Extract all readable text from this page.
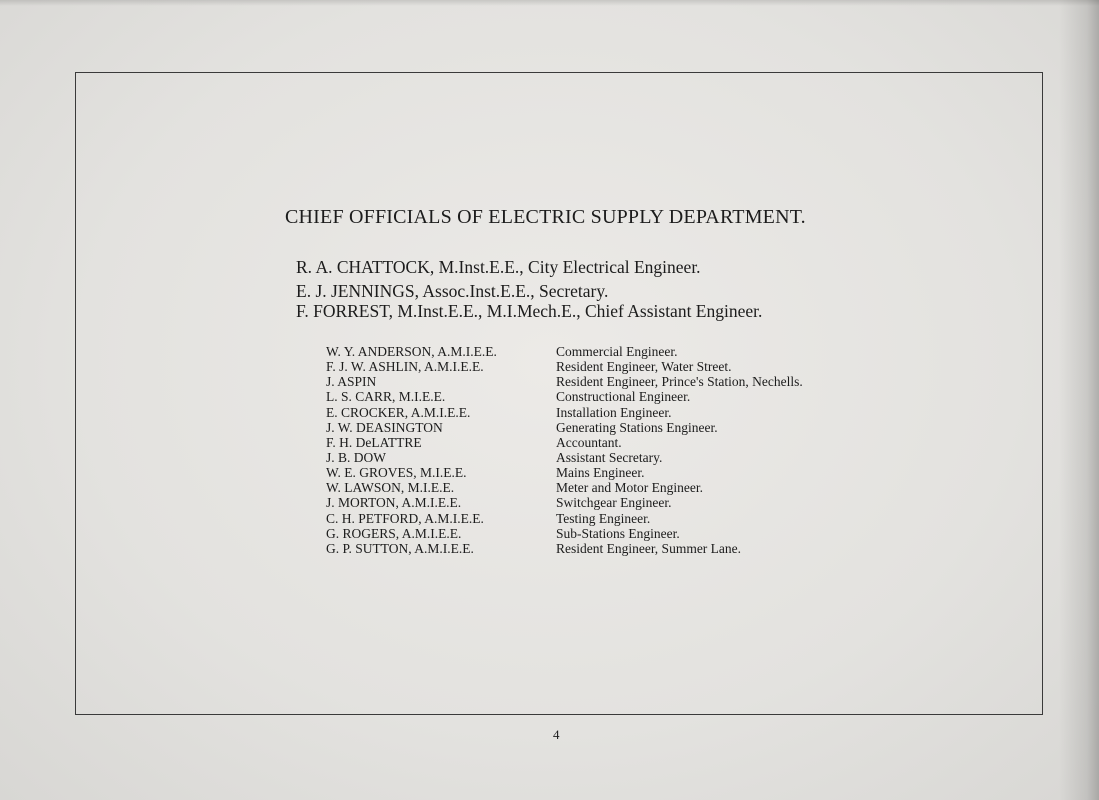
CHIEF OFFICIALS OF ELECTRIC SUPPLY DEPARTMENT.
R. A. CHATTOCK, M.Inst.E.E., City Electrical Engineer.
E. J. JENNINGS, Assoc.Inst.E.E., Secretary.
F. FORREST, M.Inst.E.E., M.I.Mech.E., Chief Assistant Engineer.
W. Y. ANDERSON, A.M.I.E.E.	Commercial Engineer.
F. J. W. ASHLIN, A.M.I.E.E.	Resident Engineer, Water Street.
J. ASPIN	Resident Engineer, Prince's Station, Nechells.
L. S. CARR, M.I.E.E.	Constructional Engineer.
E. CROCKER, A.M.I.E.E.	Installation Engineer.
J. W. DEASINGTON	Generating Stations Engineer.
F. H. DeLATTRE	Accountant.
J. B. DOW	Assistant Secretary.
W. E. GROVES, M.I.E.E.	Mains Engineer.
W. LAWSON, M.I.E.E.	Meter and Motor Engineer.
J. MORTON, A.M.I.E.E.	Switchgear Engineer.
C. H. PETFORD, A.M.I.E.E.	Testing Engineer.
G. ROGERS, A.M.I.E.E.	Sub-Stations Engineer.
G. P. SUTTON, A.M.I.E.E.	Resident Engineer, Summer Lane.
4
